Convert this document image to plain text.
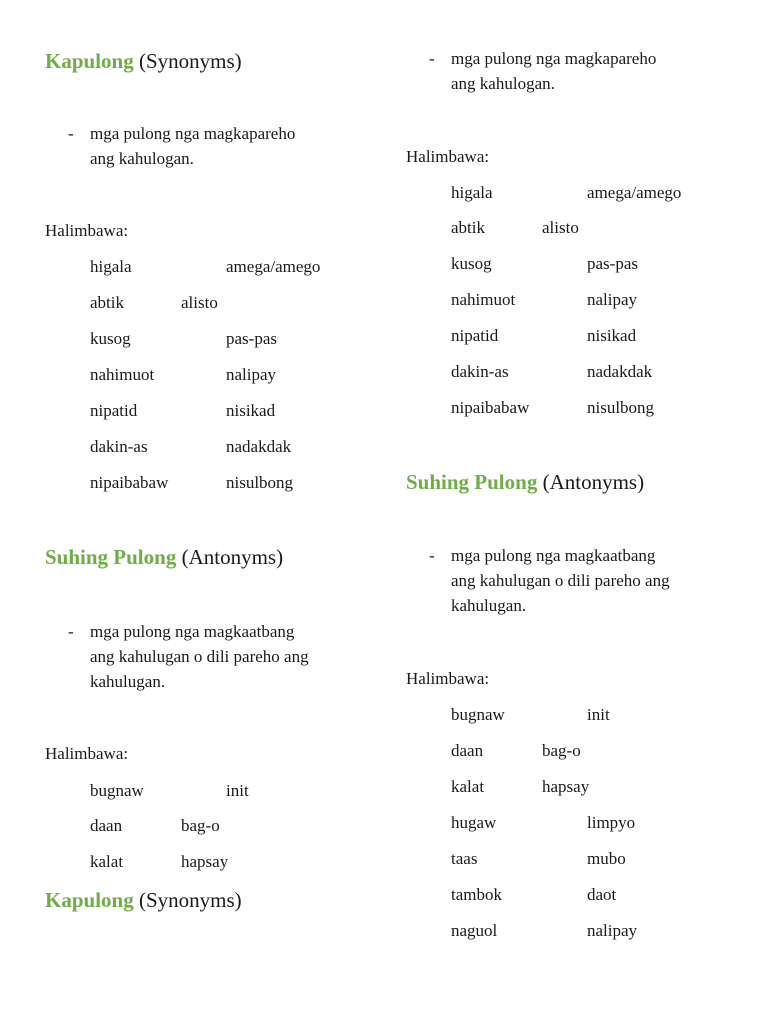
Kapulong (Synonyms)
- mga pulong nga magkapareho
ang kahulogan.
Halimbawa:
higala	amega/amego
abtik	alisto
kusog	pas-pas
nahimuot	nalipay
nipatid	nisikad
dakin-as	nadakdak
nipaibabaw	nisulbong
Suhing Pulong (Antonyms)
- mga pulong nga magkaatbang
ang kahulugan o dili pareho ang
kahulugan.
Halimbawa:
bugnaw	init
daan	bag-o
kalat	hapsay
Kapulong (Synonyms)
- mga pulong nga magkapareho
ang kahulogan.
Halimbawa:
higala	amega/amego
abtik	alisto
kusog	pas-pas
nahimuot	nalipay
nipatid	nisikad
dakin-as	nadakdak
nipaibabaw	nisulbong
Suhing Pulong (Antonyms)
- mga pulong nga magkaatbang
ang kahulugan o dili pareho ang
kahulugan.
Halimbawa:
bugnaw	init
daan	bag-o
kalat	hapsay
hugaw	limpyo
taas	mubo
tambok	daot
naguol	nalipay
